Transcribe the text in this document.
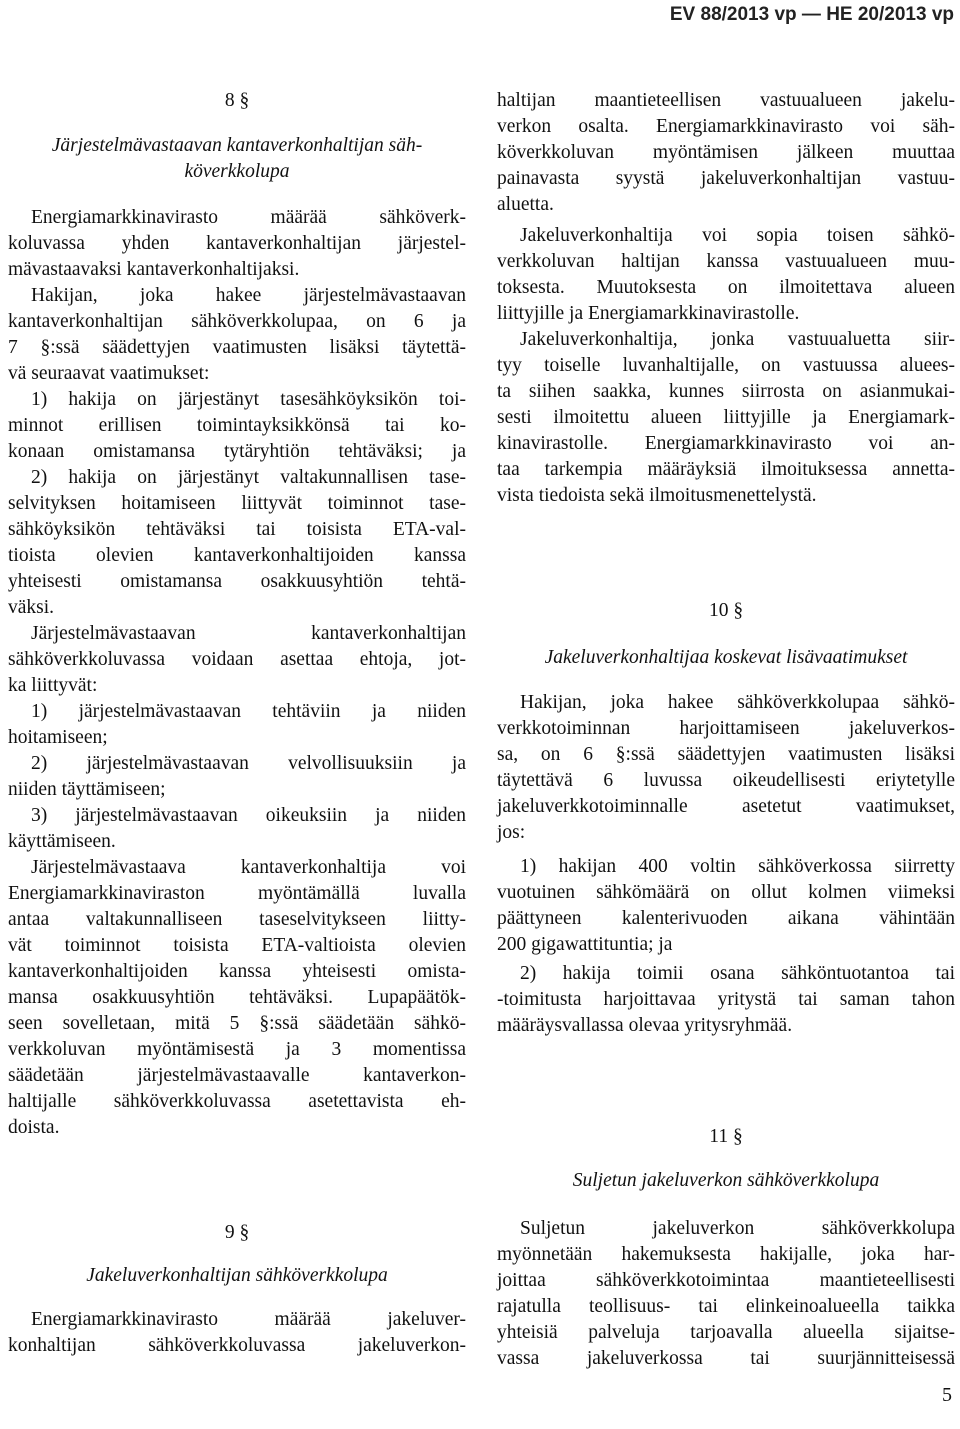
EV 88/2013 vp — HE 20/2013 vp
8 §
Järjestelmävastaavan kantaverkonhaltijan säh-
köverkkolupa
Energiamarkkinavirasto määrää sähköverk-
koluvassa yhden kantaverkonhaltijan järjestel-
mävastaavaksi kantaverkonhaltijaksi.
Hakijan, joka hakee järjestelmävastaavan
kantaverkonhaltijan sähköverkkolupaa, on 6 ja
7 §:ssä säädettyjen vaatimusten lisäksi täytettä-
vä seuraavat vaatimukset:
1) hakija on järjestänyt tasesähköyksikön toi-
minnot erillisen toimintayksikkönsä tai ko-
konaan omistamansa tytäryhtiön tehtäväksi; ja
2) hakija on järjestänyt valtakunnallisen tase-
selvityksen hoitamiseen liittyvät toiminnot tase-
sähköyksikön tehtäväksi tai toisista ETA-val-
tioista olevien kantaverkonhaltijoiden kanssa
yhteisesti omistamansa osakkuusyhtiön tehtä-
väksi.
Järjestelmävastaavan kantaverkonhaltijan
sähköverkkoluvassa voidaan asettaa ehtoja, jot-
ka liittyvät:
1) järjestelmävastaavan tehtäviin ja niiden
hoitamiseen;
2) järjestelmävastaavan velvollisuuksiin ja
niiden täyttämiseen;
3) järjestelmävastaavan oikeuksiin ja niiden
käyttämiseen.
Järjestelmävastaava kantaverkonhaltija voi
Energiamarkkinaviraston myöntämällä luvalla
antaa valtakunnalliseen taseselvitykseen liitty-
vät toiminnot toisista ETA-valtioista olevien
kantaverkonhaltijoiden kanssa yhteisesti omista-
mansa osakkuusyhtiön tehtäväksi. Lupapäätök-
seen sovelletaan, mitä 5 §:ssä säädetään sähkö-
verkkoluvan myöntämisestä ja 3 momentissa
säädetään järjestelmävastaavalle kantaverkon-
haltijalle sähköverkkoluvassa asetettavista eh-
doista.
9 §
Jakeluverkonhaltijan sähköverkkolupa
Energiamarkkinavirasto määrää jakeluver-
konhaltijan sähköverkkoluvassa jakeluverkon-
haltijan maantieteellisen vastuualueen jakelu-
verkon osalta. Energiamarkkinavirasto voi säh-
köverkkoluvan myöntämisen jälkeen muuttaa
painavasta syystä jakeluverkonhaltijan vastuu-
aluetta.
Jakeluverkonhaltija voi sopia toisen sähkö-
verkkoluvan haltijan kanssa vastuualueen muu-
toksesta. Muutoksesta on ilmoitettava alueen
liittyjille ja Energiamarkkinavirastolle.
Jakeluverkonhaltija, jonka vastuualuetta siir-
tyy toiselle luvanhaltijalle, on vastuussa aluees-
ta siihen saakka, kunnes siirrosta on asianmukai-
sesti ilmoitettu alueen liittyjille ja Energiamark-
kinavirastolle. Energiamarkkinavirasto voi an-
taa tarkempia määräyksiä ilmoituksessa annetta-
vista tiedoista sekä ilmoitusmenettelystä.
10 §
Jakeluverkonhaltijaa koskevat lisävaatimukset
Hakijan, joka hakee sähköverkkolupaa sähkö-
verkkotoiminnan harjoittamiseen jakeluverkos-
sa, on 6 §:ssä säädettyjen vaatimusten lisäksi
täytettävä 6 luvussa oikeudellisesti eriytetylle
jakeluverkkotoiminnalle asetetut vaatimukset,
jos:
1) hakijan 400 voltin sähköverkossa siirretty
vuotuinen sähkömäärä on ollut kolmen viimeksi
päättyneen kalenterivuoden aikana vähintään
200 gigawattituntia; ja
2) hakija toimii osana sähköntuotantoa tai
-toimitusta harjoittavaa yritystä tai saman tahon
määräysvallassa olevaa yritysryhmää.
11 §
Suljetun jakeluverkon sähköverkkolupa
Suljetun jakeluverkon sähköverkkolupa
myönnetään hakemuksesta hakijalle, joka har-
joittaa sähköverkkotoimintaa maantieteellisesti
rajatulla teollisuus- tai elinkeinoalueella taikka
yhteisiä palveluja tarjoavalla alueella sijaitse-
vassa jakeluverkossa tai suurjännitteisessä
5
